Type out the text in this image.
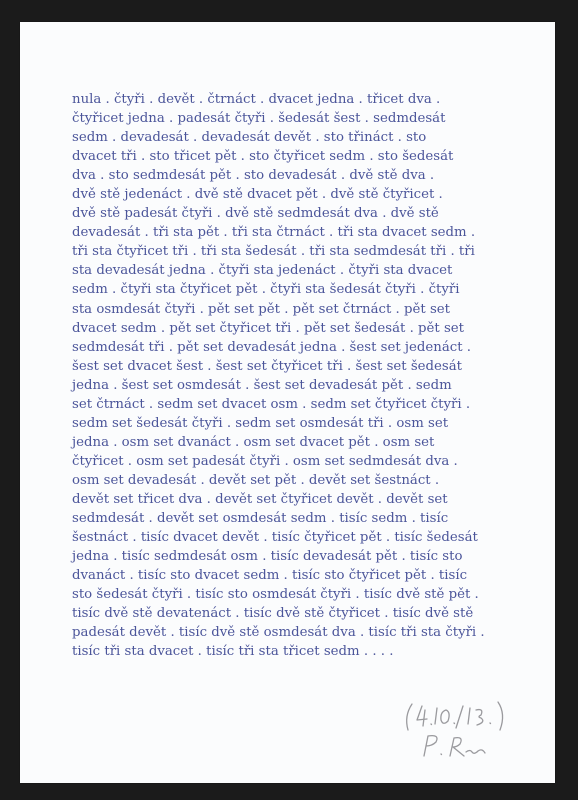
nula . čtyři . devět . čtrnáct . dvacet jedna . třicet dva .
čtyřicet jedna . padesát čtyři . šedesát šest . sedmdesát
sedm . devadesát . devadesát devět . sto třináct . sto
dvacet tři . sto třicet pět . sto čtyřicet sedm . sto šedesát
dva . sto sedmdesát pět . sto devadesát . dvě stě dva .
dvě stě jedenáct . dvě stě dvacet pět . dvě stě čtyřicet .
dvě stě padesát čtyři . dvě stě sedmdesát dva . dvě stě
devadesát . tři sta pět . tři sta čtrnáct . tři sta dvacet sedm .
tři sta čtyřicet tři . tři sta šedesát . tři sta sedmdesát tři . tři
sta devadesát jedna . čtyři sta jedenáct . čtyři sta dvacet
sedm . čtyři sta čtyřicet pět . čtyři sta šedesát čtyři . čtyři
sta osmdesát čtyři . pět set pět . pět set čtrnáct . pět set
dvacet sedm . pět set čtyřicet tři . pět set šedesát . pět set
sedmdesát tři . pět set devadesát jedna . šest set jedenáct .
šest set dvacet šest . šest set čtyřicet tři . šest set šedesát
jedna . šest set osmdesát . šest set devadesát pět . sedm
set čtrnáct . sedm set dvacet osm . sedm set čtyřicet čtyři .
sedm set šedesát čtyři . sedm set osmdesát tři . osm set
jedna . osm set dvanáct . osm set dvacet pět . osm set
čtyřicet . osm set padesát čtyři . osm set sedmdesát dva .
osm set devadesát . devět set pět . devět set šestnáct .
devět set třicet dva . devět set čtyřicet devět . devět set
sedmdesát . devět set osmdesát sedm . tisíc sedm . tisíc
šestnáct . tisíc dvacet devět . tisíc čtyřicet pět . tisíc šedesát
jedna . tisíc sedmdesát osm . tisíc devadesát pět . tisíc sto
dvanáct . tisíc sto dvacet sedm . tisíc sto čtyřicet pět . tisíc
sto šedesát čtyři . tisíc sto osmdesát čtyři . tisíc dvě stě pět .
tisíc dvě stě devatenáct . tisíc dvě stě čtyřicet . tisíc dvě stě
padesát devět . tisíc dvě stě osmdesát dva . tisíc tři sta čtyři .
tisíc tři sta dvacet . tisíc tři sta třicet sedm . . . .
